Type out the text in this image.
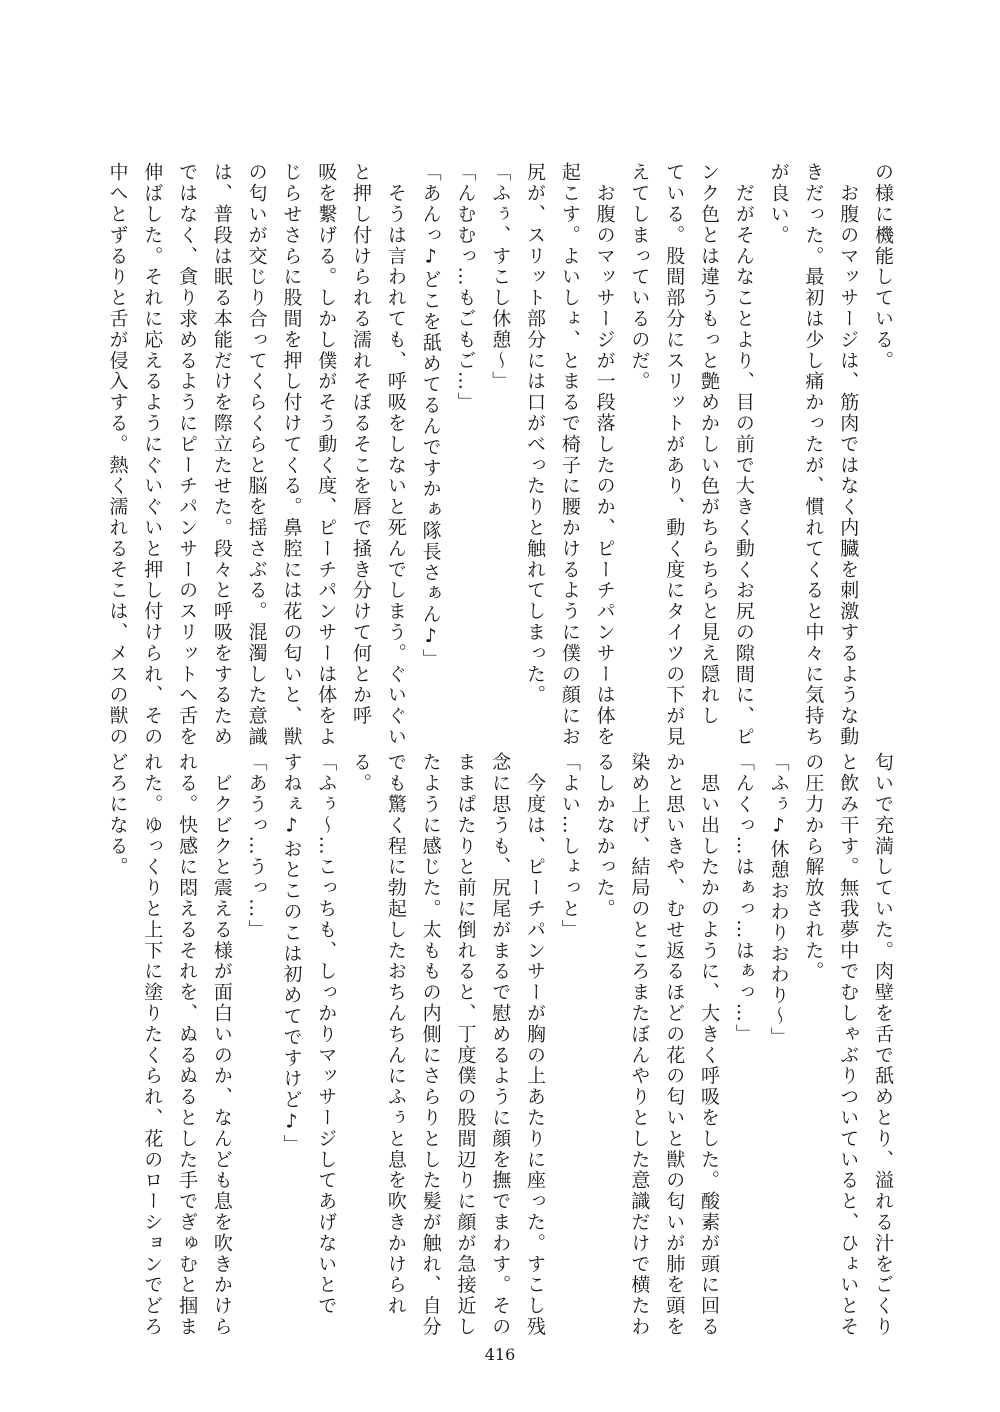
の様に機能している。
　お腹のマッサージは、筋肉ではなく内臓を刺激するような動
きだった。最初は少し痛かったが、慣れてくると中々に気持ち
が良い。
　だがそんなことより、目の前で大きく動くお尻の隙間に、ピ
ンク色とは違うもっと艶めかしい色がちらちらと見え隠れし
ている。股間部分にスリットがあり、動く度にタイツの下が見
えてしまっているのだ。
　お腹のマッサージが一段落したのか、ピーチパンサーは体を
起こす。よいしょ、とまるで椅子に腰かけるように僕の顔にお
尻が、スリット部分には口がべったりと触れてしまった。
「ふぅ、すこし休憩〜」
「んむむっ…もごもご…」
「あんっ♪どこを舐めてるんですかぁ隊長さぁん♪」
　そうは言われても、呼吸をしないと死んでしまう。ぐいぐい
と押し付けられる濡れそぼるそこを唇で掻き分けて何とか呼
吸を繋げる。しかし僕がそう動く度、ピーチパンサーは体をよ
じらせさらに股間を押し付けてくる。鼻腔には花の匂いと、獣
の匂いが交じり合ってくらくらと脳を揺さぶる。混濁した意識
は、普段は眠る本能だけを際立たせた。段々と呼吸をするため
ではなく、貪り求めるようにピーチパンサーのスリットへ舌を
伸ばした。それに応えるようにぐいぐいと押し付けられ、その
中へとずるりと舌が侵入する。熱く濡れるそこは、メスの獣の
匂いで充満していた。肉壁を舌で舐めとり、溢れる汁をごくり
と飲み干す。無我夢中でむしゃぶりついていると、ひょいとそ
の圧力から解放された。
「ふぅ♪休憩おわりおわり〜」
「んくっ…はぁっ…はぁっ…」
　思い出したかのように、大きく呼吸をした。酸素が頭に回る
かと思いきや、むせ返るほどの花の匂いと獣の匂いが肺を頭を
染め上げ、結局のところまたぼんやりとした意識だけで横たわ
るしかなかった。
「よい…しょっと」
　今度は、ピーチパンサーが胸の上あたりに座った。すこし残
念に思うも、尻尾がまるで慰めるように顔を撫でまわす。その
ままぱたりと前に倒れると、丁度僕の股間辺りに顔が急接近し
たように感じた。太ももの内側にさらりとした髪が触れ、自分
でも驚く程に勃起したおちんちんにふぅと息を吹きかけられ
る。
「ふぅ〜…こっちも、しっかりマッサージしてあげないとで
すねぇ♪おとこのこは初めてですけど♪」
「あうっ…うっ…」
　ビクビクと震える様が面白いのか、なんども息を吹きかけら
れる。快感に悶えるそれを、ぬるぬるとした手でぎゅむと掴ま
れた。ゆっくりと上下に塗りたくられ、花のローションでどろ
どろになる。
416
